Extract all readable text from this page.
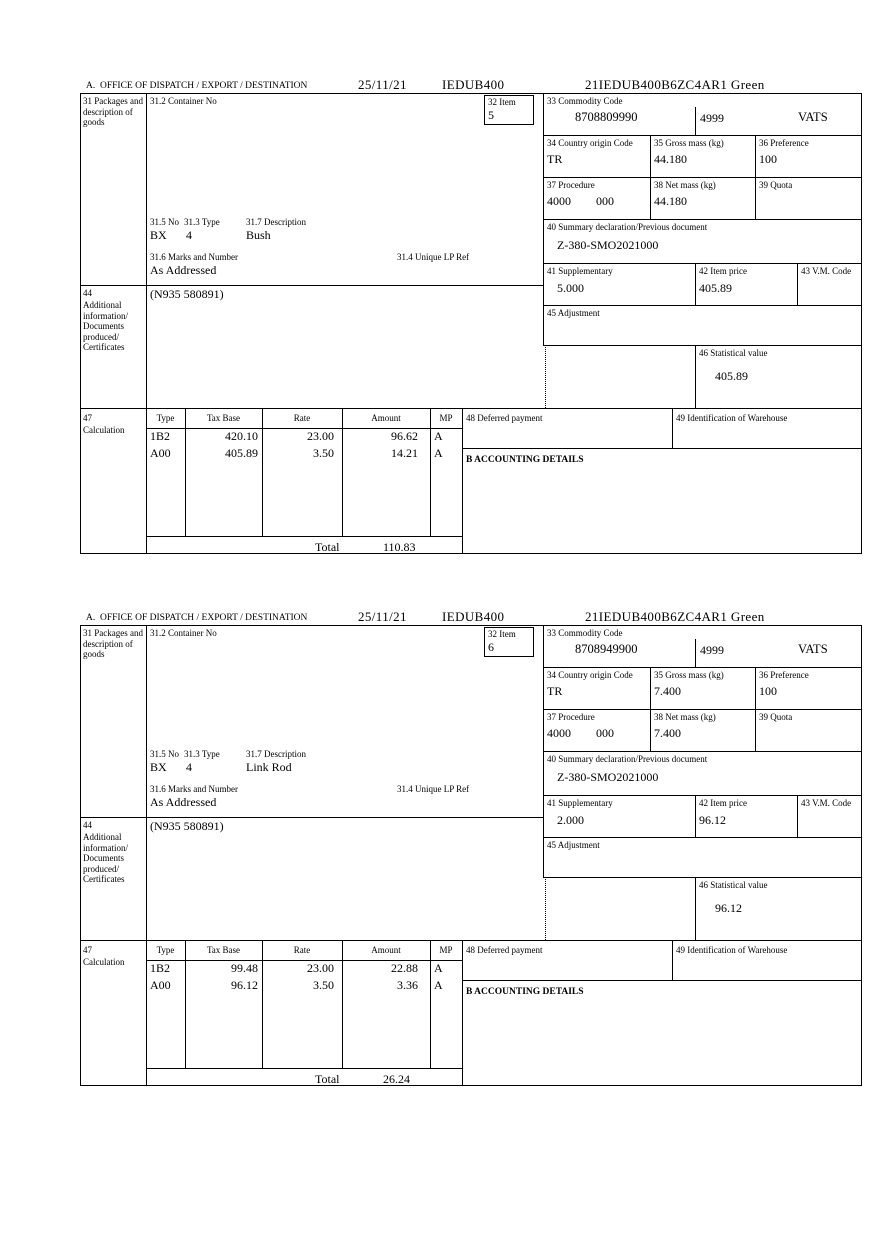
A.  OFFICE OF DISPATCH / EXPORT / DESTINATION	25/11/21	IEDUB400	21IEDUB400B6ZC4AR1 Green
31 Packages and description of goods
44
Additional information/ Documents produced/ Certificates
47
Calculation
31.2 Container No	32 Item
5
31.5 No 31.3 Type	31.7 Description
BX 4	Bush
31.6 Marks and Number	31.4 Unique LP Ref
As Addressed
(N935 580891)
33 Commodity Code
8708809990	4999	VATS
34 Country origin Code
TR
35 Gross mass (kg)
44.180
36 Preference
100
37 Procedure
4000 000
38 Net mass (kg)
44.180
39 Quota
40 Summary declaration/Previous document
Z-380-SMO2021000
41 Supplementary
5.000
42 Item price
405.89
43 V.M. Code
45 Adjustment
46 Statistical value
405.89
Type	Tax Base	Rate	Amount	MP
1B2	420.10	23.00	96.62 A
A00	405.89	3.50	14.21 A
48 Deferred payment	49 Identification of Warehouse
B ACCOUNTING DETAILS
Total	110.83
A.  OFFICE OF DISPATCH / EXPORT / DESTINATION	25/11/21	IEDUB400	21IEDUB400B6ZC4AR1 Green
31 Packages and description of goods
44
Additional information/ Documents produced/ Certificates
47
Calculation
31.2 Container No	32 Item
6
31.5 No 31.3 Type	31.7 Description
BX 4	Link Rod
31.6 Marks and Number	31.4 Unique LP Ref
As Addressed
(N935 580891)
33 Commodity Code
8708949900	4999	VATS
34 Country origin Code
TR
35 Gross mass (kg)
7.400
36 Preference
100
37 Procedure
4000 000
38 Net mass (kg)
7.400
39 Quota
40 Summary declaration/Previous document
Z-380-SMO2021000
41 Supplementary
2.000
42 Item price
96.12
43 V.M. Code
45 Adjustment
46 Statistical value
96.12
Type	Tax Base	Rate	Amount	MP
1B2	99.48	23.00	22.88 A
A00	96.12	3.50	3.36 A
48 Deferred payment	49 Identification of Warehouse
B ACCOUNTING DETAILS
Total	26.24
